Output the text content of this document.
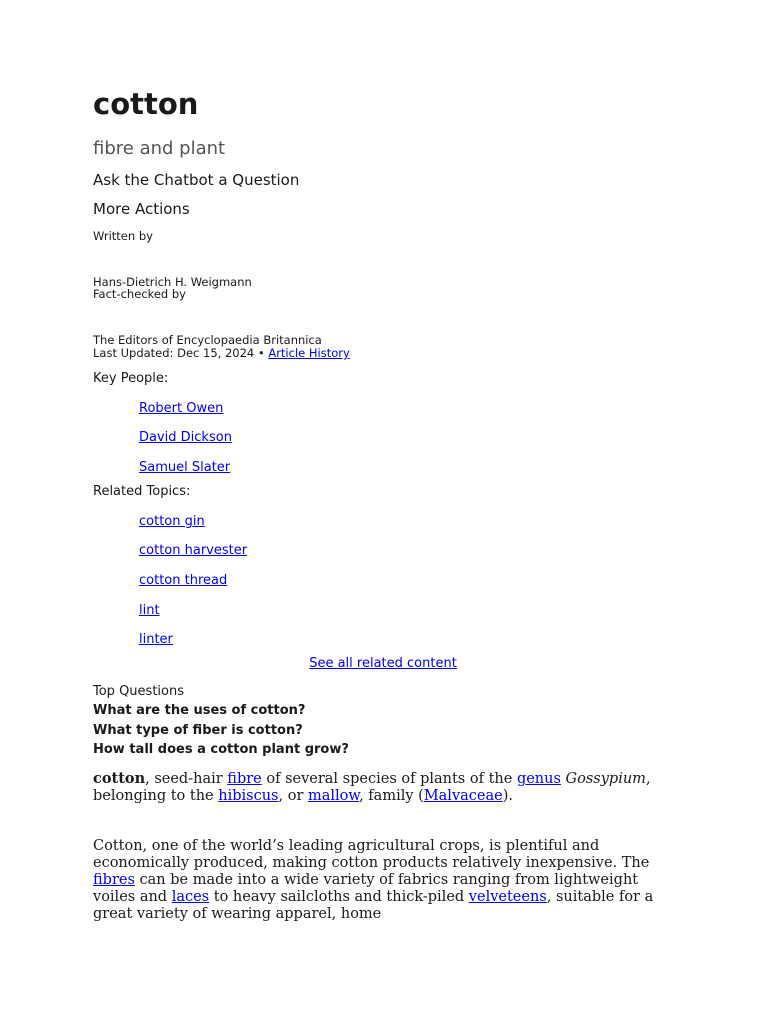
cotton
fibre and plant
Ask the Chatbot a Question
More Actions
Written by
Hans-Dietrich H. Weigmann
Fact-checked by
The Editors of Encyclopaedia Britannica
Last Updated: Dec 15, 2024 • Article History
Key People:
Robert Owen
David Dickson
Samuel Slater
Related Topics:
cotton gin
cotton harvester
cotton thread
lint
linter
See all related content
Top Questions
What are the uses of cotton?
What type of fiber is cotton?
How tall does a cotton plant grow?

cotton, seed-hair fibre of several species of plants of the genus Gossypium, belonging to the hibiscus, or mallow, family (Malvaceae).

Cotton, one of the world’s leading agricultural crops, is plentiful and economically produced, making cotton products relatively inexpensive. The fibres can be made into a wide variety of fabrics ranging from lightweight voiles and laces to heavy sailcloths and thick-piled velveteens, suitable for a great variety of wearing apparel, home
